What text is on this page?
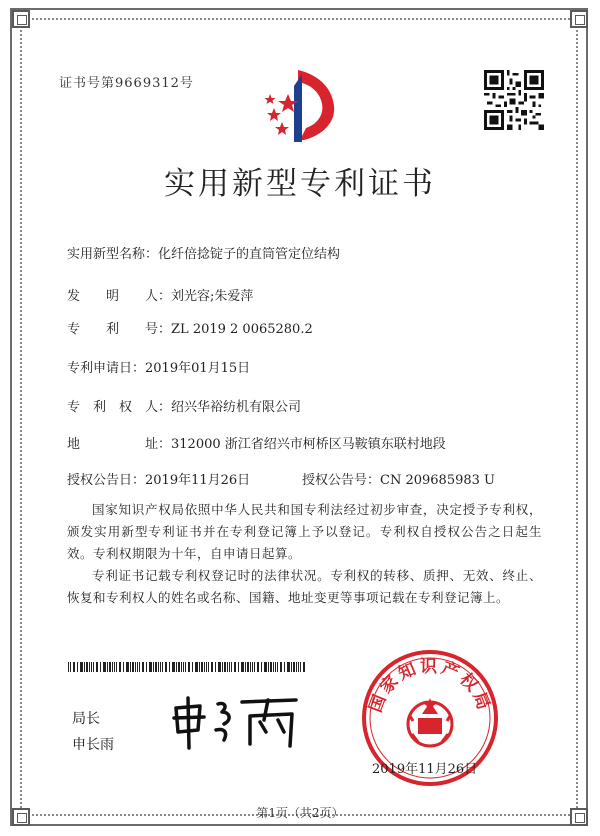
证书号第9669312号
实用新型专利证书
实用新型名称：化纤倍捻锭子的直筒管定位结构
发　　明　　人：刘光容;朱爱萍
专　　利　　号：ZL 2019 2 0065280.2
专利申请日：2019年01月15日
专　利　权　人：绍兴华裕纺机有限公司
地　　　　　址：312000 浙江省绍兴市柯桥区马鞍镇东联村地段
授权公告日：2019年11月26日	授权公告号：CN 209685983 U
国家知识产权局依照中华人民共和国专利法经过初步审查，决定授予专利权，颁发实用新型专利证书并在专利登记簿上予以登记。专利权自授权公告之日起生效。专利权期限为十年，自申请日起算。
专利证书记载专利权登记时的法律状况。专利权的转移、质押、无效、终止、恢复和专利权人的姓名或名称、国籍、地址变更等事项记载在专利登记簿上。
局长
申长雨
国家知识产权局
2019年11月26日
第1页（共2页）
